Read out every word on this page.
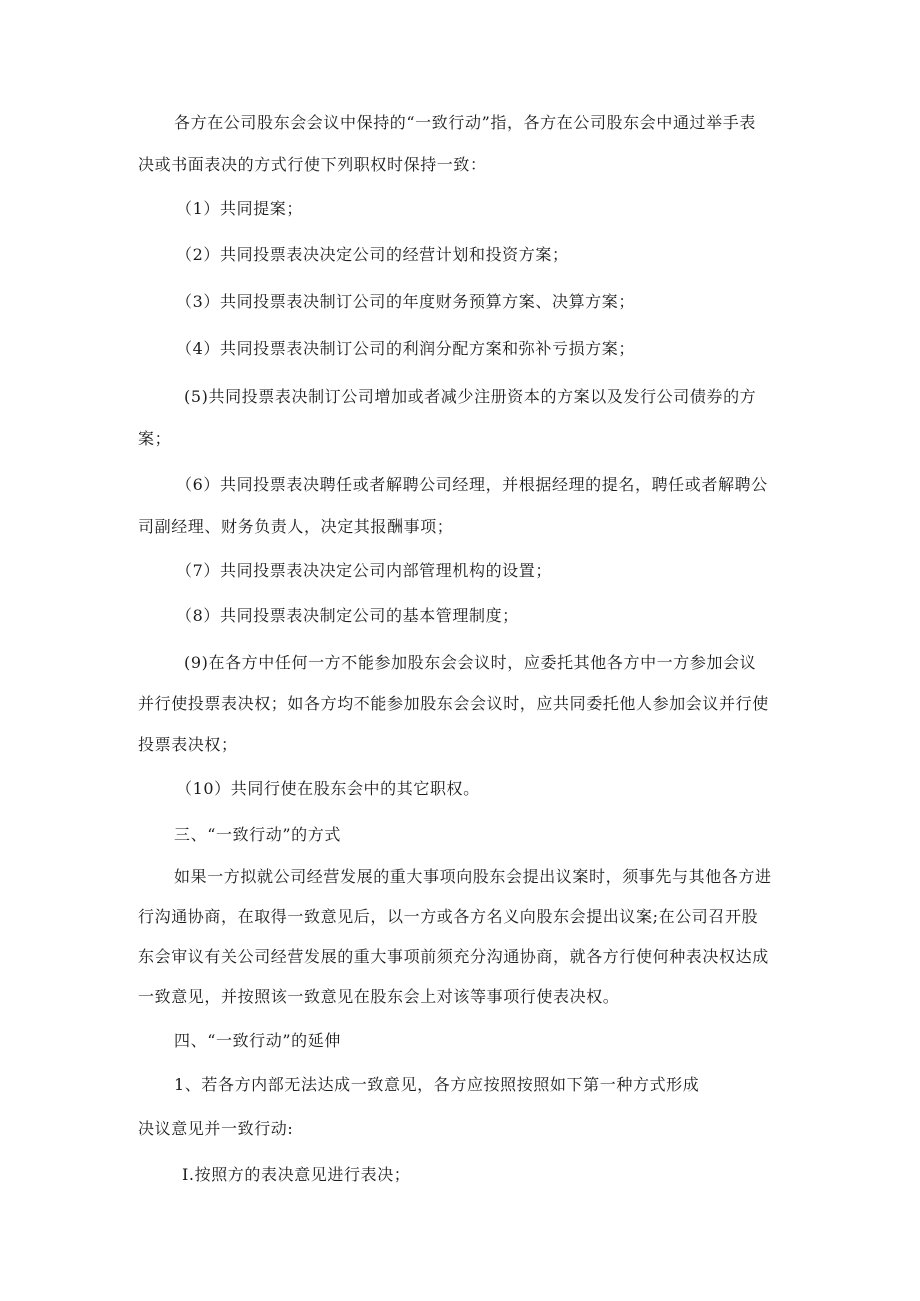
各方在公司股东会会议中保持的“一致行动”指，各方在公司股东会中通过举手表
决或书面表决的方式行使下列职权时保持一致：
（1）共同提案；
（2）共同投票表决决定公司的经营计划和投资方案；
（3）共同投票表决制订公司的年度财务预算方案、决算方案；
（4）共同投票表决制订公司的利润分配方案和弥补亏损方案；
(5)共同投票表决制订公司增加或者减少注册资本的方案以及发行公司债券的方
案；
（6）共同投票表决聘任或者解聘公司经理，并根据经理的提名，聘任或者解聘公
司副经理、财务负责人，决定其报酬事项；
（7）共同投票表决决定公司内部管理机构的设置；
（8）共同投票表决制定公司的基本管理制度；
(9)在各方中任何一方不能参加股东会会议时，应委托其他各方中一方参加会议
并行使投票表决权；如各方均不能参加股东会会议时，应共同委托他人参加会议并行使
投票表决权；
（10）共同行使在股东会中的其它职权。
三、“一致行动”的方式
如果一方拟就公司经营发展的重大事项向股东会提出议案时，须事先与其他各方进
行沟通协商，在取得一致意见后，以一方或各方名义向股东会提出议案;在公司召开股
东会审议有关公司经营发展的重大事项前须充分沟通协商，就各方行使何种表决权达成
一致意见，并按照该一致意见在股东会上对该等事项行使表决权。
四、“一致行动”的延伸
1、若各方内部无法达成一致意见，各方应按照按照如下第一种方式形成
决议意见并一致行动:
I.按照方的表决意见进行表决；
